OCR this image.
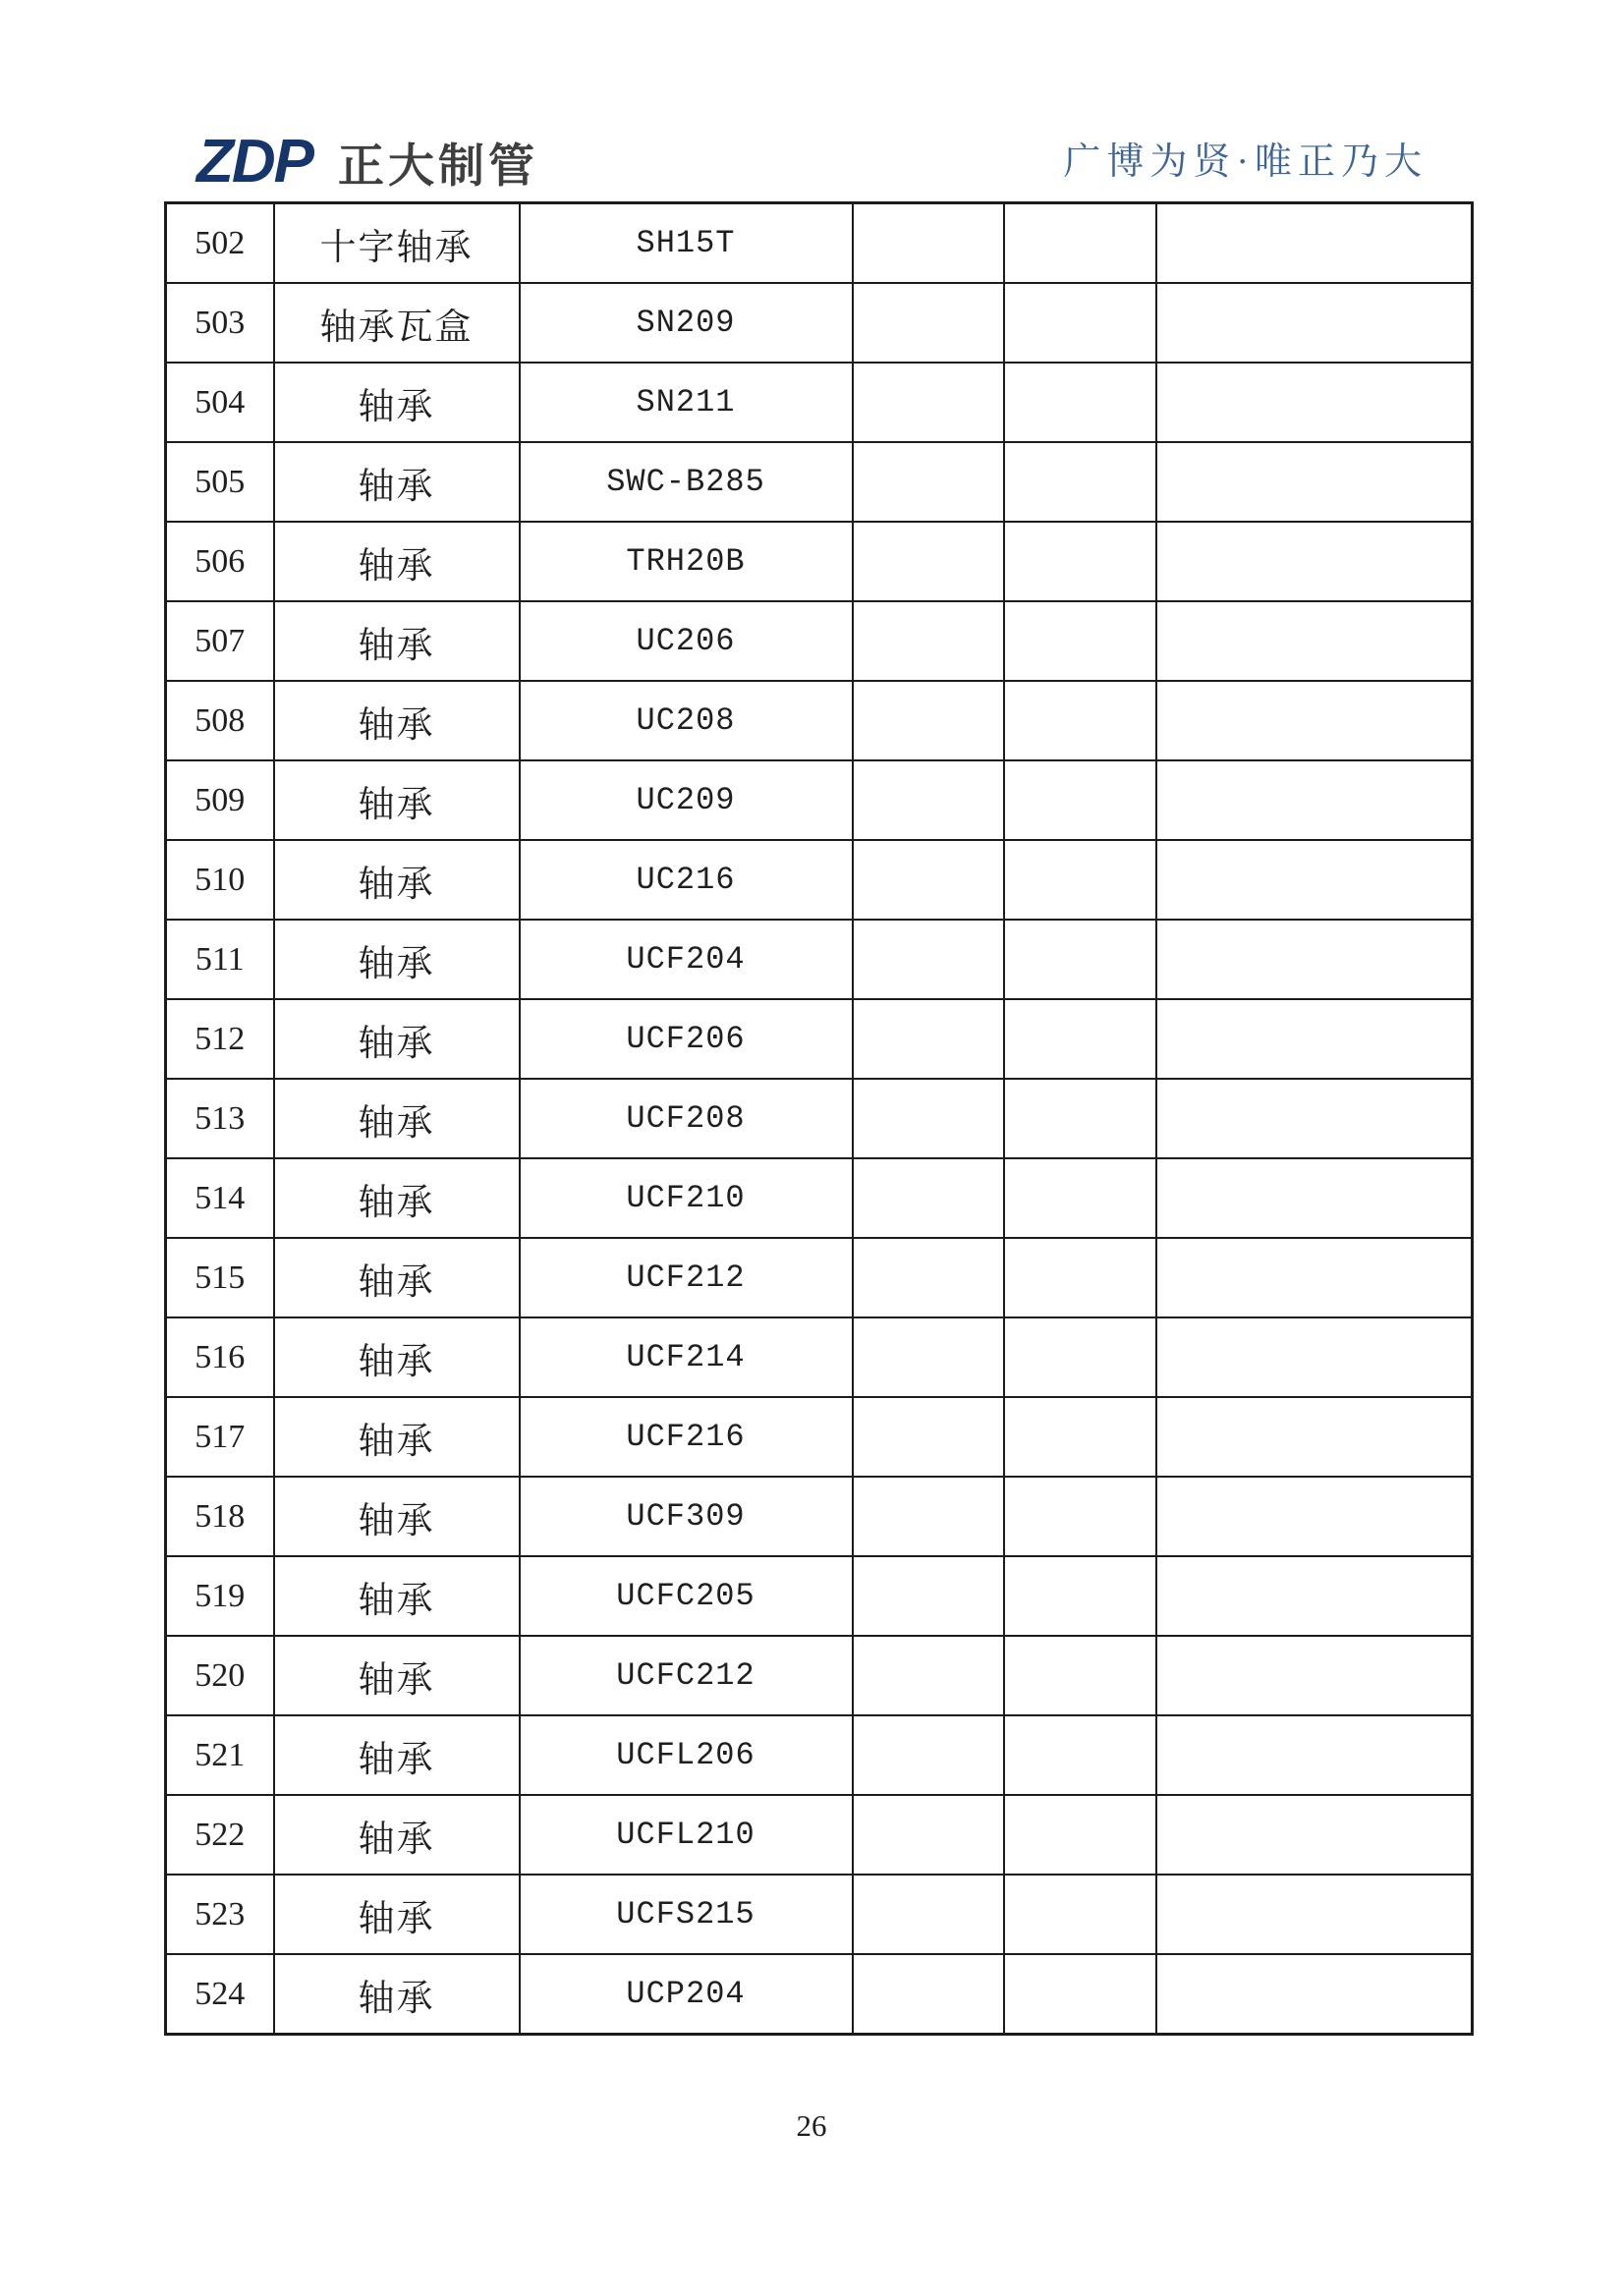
ZDP 正大制管	广博为贤·唯正乃大
502	十字轴承	SH15T			
503	轴承瓦盒	SN209			
504	轴承	SN211			
505	轴承	SWC-B285			
506	轴承	TRH20B			
507	轴承	UC206			
508	轴承	UC208			
509	轴承	UC209			
510	轴承	UC216			
511	轴承	UCF204			
512	轴承	UCF206			
513	轴承	UCF208			
514	轴承	UCF210			
515	轴承	UCF212			
516	轴承	UCF214			
517	轴承	UCF216			
518	轴承	UCF309			
519	轴承	UCFC205			
520	轴承	UCFC212			
521	轴承	UCFL206			
522	轴承	UCFL210			
523	轴承	UCFS215			
524	轴承	UCP204			
26
